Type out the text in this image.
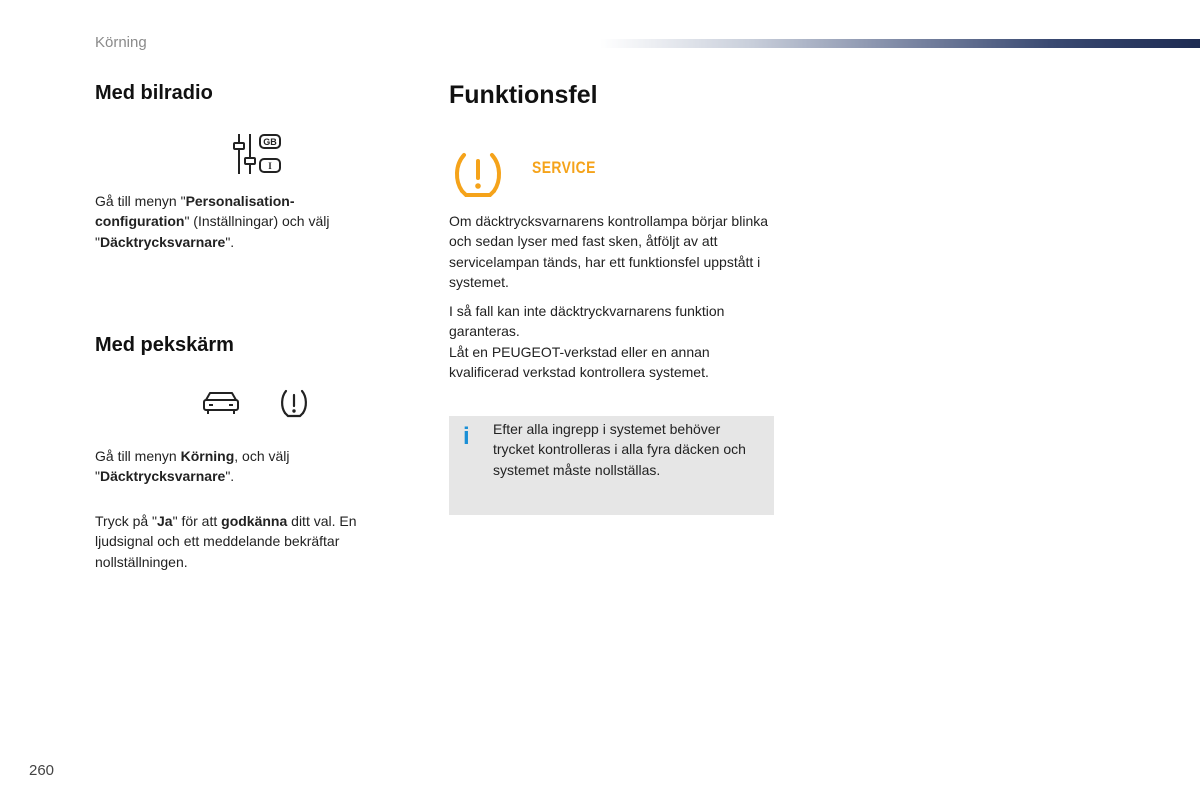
Körning
Med bilradio
GB
I

Gå till menyn "Personalisation-configuration" (Inställningar) och välj "Däcktrycksvarnare".

Med pekskärm

Gå till menyn Körning, och välj "Däcktrycksvarnare".

Tryck på "Ja" för att godkänna ditt val. En ljudsignal och ett meddelande bekräftar nollställningen.

Funktionsfel
SERVICE

Om däcktrycksvarnarens kontrollampa börjar blinka och sedan lyser med fast sken, åtföljt av att servicelampan tänds, har ett funktionsfel uppstått i systemet.

I så fall kan inte däcktryckvarnarens funktion garanteras.

Låt en PEUGEOT-verkstad eller en annan kvalificerad verkstad kontrollera systemet.

i Efter alla ingrepp i systemet behöver trycket kontrolleras i alla fyra däcken och systemet måste nollställas.

260
